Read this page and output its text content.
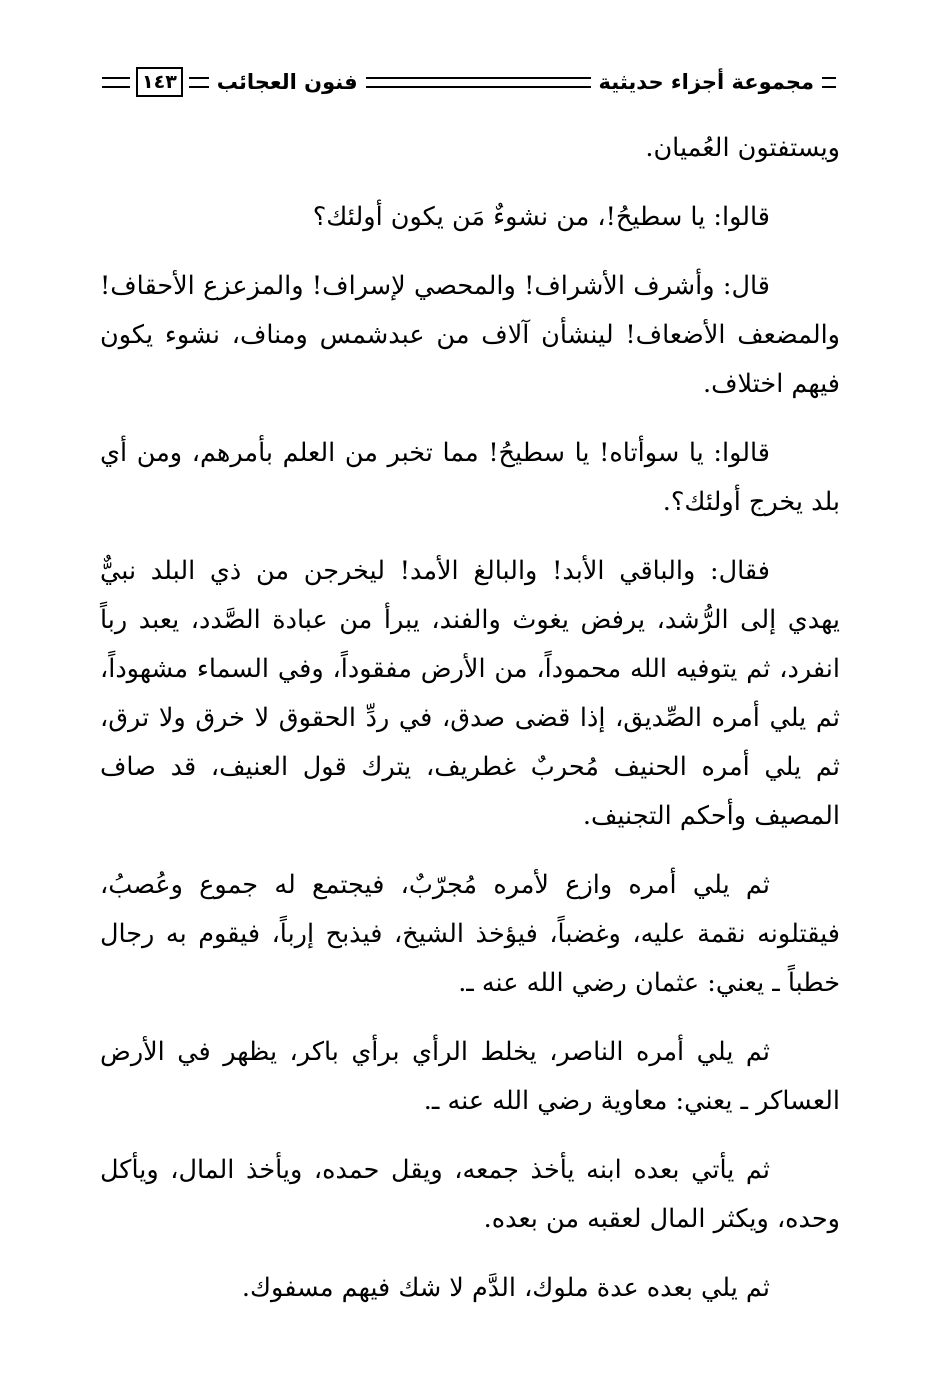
مجموعة أجزاء حديثية
فنون العجائب
١٤٣

ويستفتون العُميان.

قالوا: يا سطيحُ!، من نشوءٌ مَن يكون أولئك؟

قال: وأشرف الأشراف! والمحصي لإسراف! والمزعزع الأحقاف! والمضعف الأضعاف! لينشأن آلاف من عبدشمس ومناف، نشوء يكون فيهم اختلاف.

قالوا: يا سوأتاه! يا سطيحُ! مما تخبر من العلم بأمرهم، ومن أي بلد يخرج أولئك؟.

فقال: والباقي الأبد! والبالغ الأمد! ليخرجن من ذي البلد نبيٌّ يهدي إلى الرُّشد، يرفض يغوث والفند، يبرأ من عبادة الصَّدد، يعبد رباً انفرد، ثم يتوفيه الله محموداً، من الأرض مفقوداً، وفي السماء مشهوداً، ثم يلي أمره الصِّديق، إذا قضى صدق، في ردِّ الحقوق لا خرق ولا ترق، ثم يلي أمره الحنيف مُحربٌ غطريف، يترك قول العنيف، قد صاف المصيف وأحكم التجنيف.

ثم يلي أمره وازع لأمره مُجرّبٌ، فيجتمع له جموع وعُصبُ، فيقتلونه نقمة عليه، وغضباً، فيؤخذ الشيخ، فيذبح إرباً، فيقوم به رجال خطباً ـ يعني: عثمان رضي الله عنه ـ.

ثم يلي أمره الناصر، يخلط الرأي برأي باكر، يظهر في الأرض العساكر ـ يعني: معاوية رضي الله عنه ـ.

ثم يأتي بعده ابنه يأخذ جمعه، ويقل حمده، ويأخذ المال، ويأكل وحده، ويكثر المال لعقبه من بعده.

ثم يلي بعده عدة ملوك، الدَّم لا شك فيهم مسفوك.
